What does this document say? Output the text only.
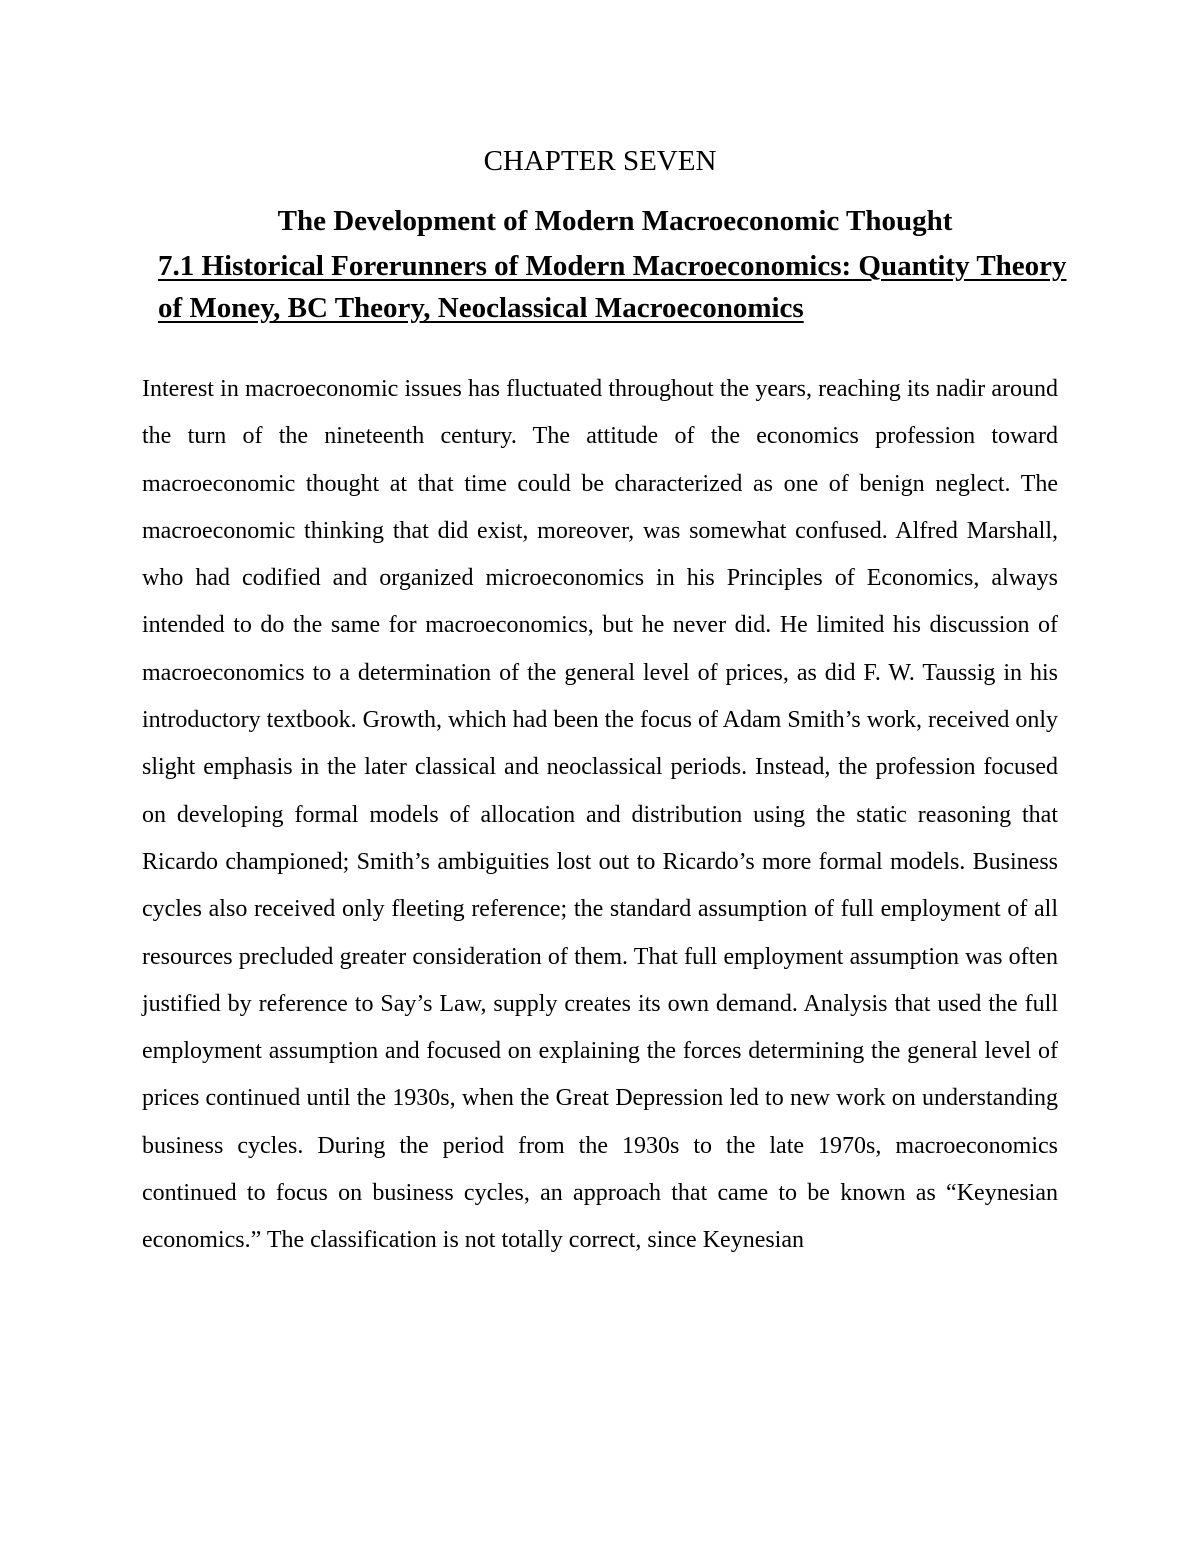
CHAPTER SEVEN
The Development of Modern Macroeconomic Thought
7.1 Historical Forerunners of Modern Macroeconomics: Quantity Theory of Money, BC Theory, Neoclassical Macroeconomics

Interest in macroeconomic issues has fluctuated throughout the years, reaching its nadir around the turn of the nineteenth century. The attitude of the economics profession toward macroeconomic thought at that time could be characterized as one of benign neglect. The macroeconomic thinking that did exist, moreover, was somewhat confused. Alfred Marshall, who had codified and organized microeconomics in his Principles of Economics, always intended to do the same for macroeconomics, but he never did. He limited his discussion of macroeconomics to a determination of the general level of prices, as did F. W. Taussig in his introductory textbook. Growth, which had been the focus of Adam Smith’s work, received only slight emphasis in the later classical and neoclassical periods. Instead, the profession focused on developing formal models of allocation and distribution using the static reasoning that Ricardo championed; Smith’s ambiguities lost out to Ricardo’s more formal models. Business cycles also received only fleeting reference; the standard assumption of full employment of all resources precluded greater consideration of them. That full employment assumption was often justified by reference to Say’s Law, supply creates its own demand. Analysis that used the full employment assumption and focused on explaining the forces determining the general level of prices continued until the 1930s, when the Great Depression led to new work on understanding business cycles. During the period from the 1930s to the late 1970s, macroeconomics continued to focus on business cycles, an approach that came to be known as “Keynesian economics.” The classification is not totally correct, since Keynesian
